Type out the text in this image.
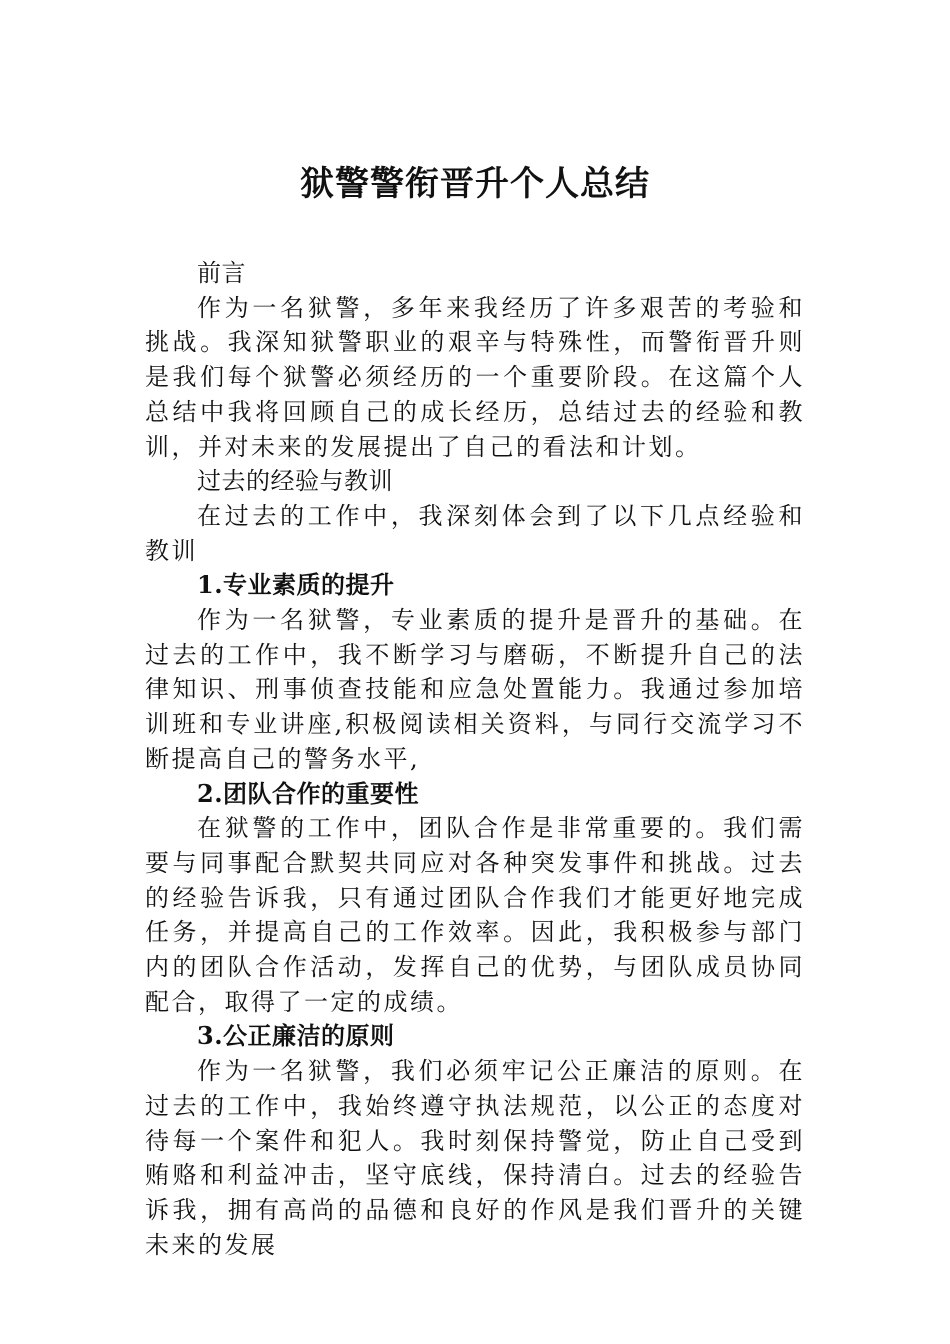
狱警警衔晋升个人总结

前言

作为一名狱警，多年来我经历了许多艰苦的考验和挑战。我深知狱警职业的艰辛与特殊性，而警衔晋升则是我们每个狱警必须经历的一个重要阶段。在这篇个人总结中我将回顾自己的成长经历，总结过去的经验和教训，并对未来的发展提出了自己的看法和计划。

过去的经验与教训

在过去的工作中，我深刻体会到了以下几点经验和教训

1.专业素质的提升

作为一名狱警，专业素质的提升是晋升的基础。在过去的工作中，我不断学习与磨砺，不断提升自己的法律知识、刑事侦查技能和应急处置能力。我通过参加培训班和专业讲座,积极阅读相关资料，与同行交流学习不断提高自己的警务水平,

2.团队合作的重要性

在狱警的工作中，团队合作是非常重要的。我们需要与同事配合默契共同应对各种突发事件和挑战。过去的经验告诉我，只有通过团队合作我们才能更好地完成任务，并提高自己的工作效率。因此，我积极参与部门内的团队合作活动，发挥自己的优势，与团队成员协同配合，取得了一定的成绩。

3.公正廉洁的原则

作为一名狱警，我们必须牢记公正廉洁的原则。在过去的工作中，我始终遵守执法规范，以公正的态度对待每一个案件和犯人。我时刻保持警觉，防止自己受到贿赂和利益冲击，坚守底线，保持清白。过去的经验告诉我，拥有高尚的品德和良好的作风是我们晋升的关键未来的发展
